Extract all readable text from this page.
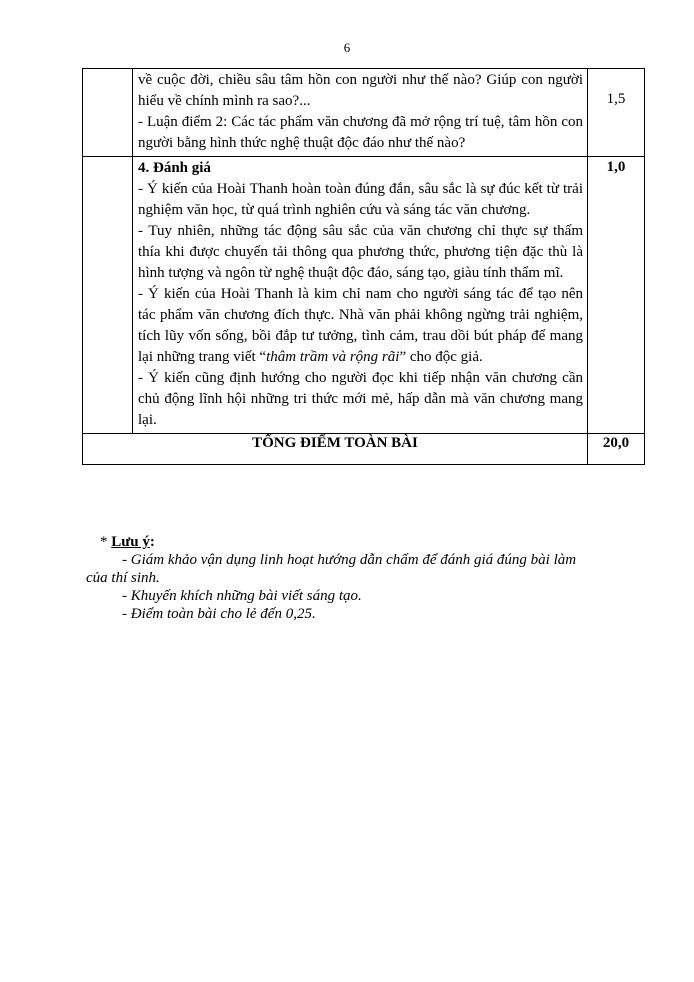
6

	về cuộc đời, chiều sâu tâm hồn con người như thế nào? Giúp con người hiểu về chính mình ra sao?...

- Luận điểm 2: Các tác phẩm văn chương đã mở rộng trí tuệ, tâm hồn con người bằng hình thức nghệ thuật độc đáo như thế nào?	1,5

	4. Đánh giá

- Ý kiến của Hoài Thanh hoàn toàn đúng đắn, sâu sắc là sự đúc kết từ trải nghiệm văn học, từ quá trình nghiên cứu và sáng tác văn chương.

- Tuy nhiên, những tác động sâu sắc của văn chương chỉ thực sự thấm thía khi được chuyển tải thông qua phương thức, phương tiện đặc thù là hình tượng và ngôn từ nghệ thuật độc đáo, sáng tạo, giàu tính thẩm mĩ.

- Ý kiến của Hoài Thanh là kim chỉ nam cho người sáng tác để tạo nên tác phẩm văn chương đích thực. Nhà văn phải không ngừng trải nghiệm, tích lũy vốn sống, bồi đắp tư tưởng, tình cảm, trau dồi bút pháp để mang lại những trang viết “thâm trầm và rộng rãi” cho độc giả.

- Ý kiến cũng định hướng cho người đọc khi tiếp nhận văn chương cần chủ động lĩnh hội những tri thức mới mẻ, hấp dẫn mà văn chương mang lại.	1,0
TỔNG ĐIỂM TOÀN BÀI		20,0

* Lưu ý:

- Giám khảo vận dụng linh hoạt hướng dẫn chấm để đánh giá đúng bài làm

của thí sinh.

- Khuyến khích những bài viết sáng tạo.

- Điểm toàn bài cho lẻ đến 0,25.
